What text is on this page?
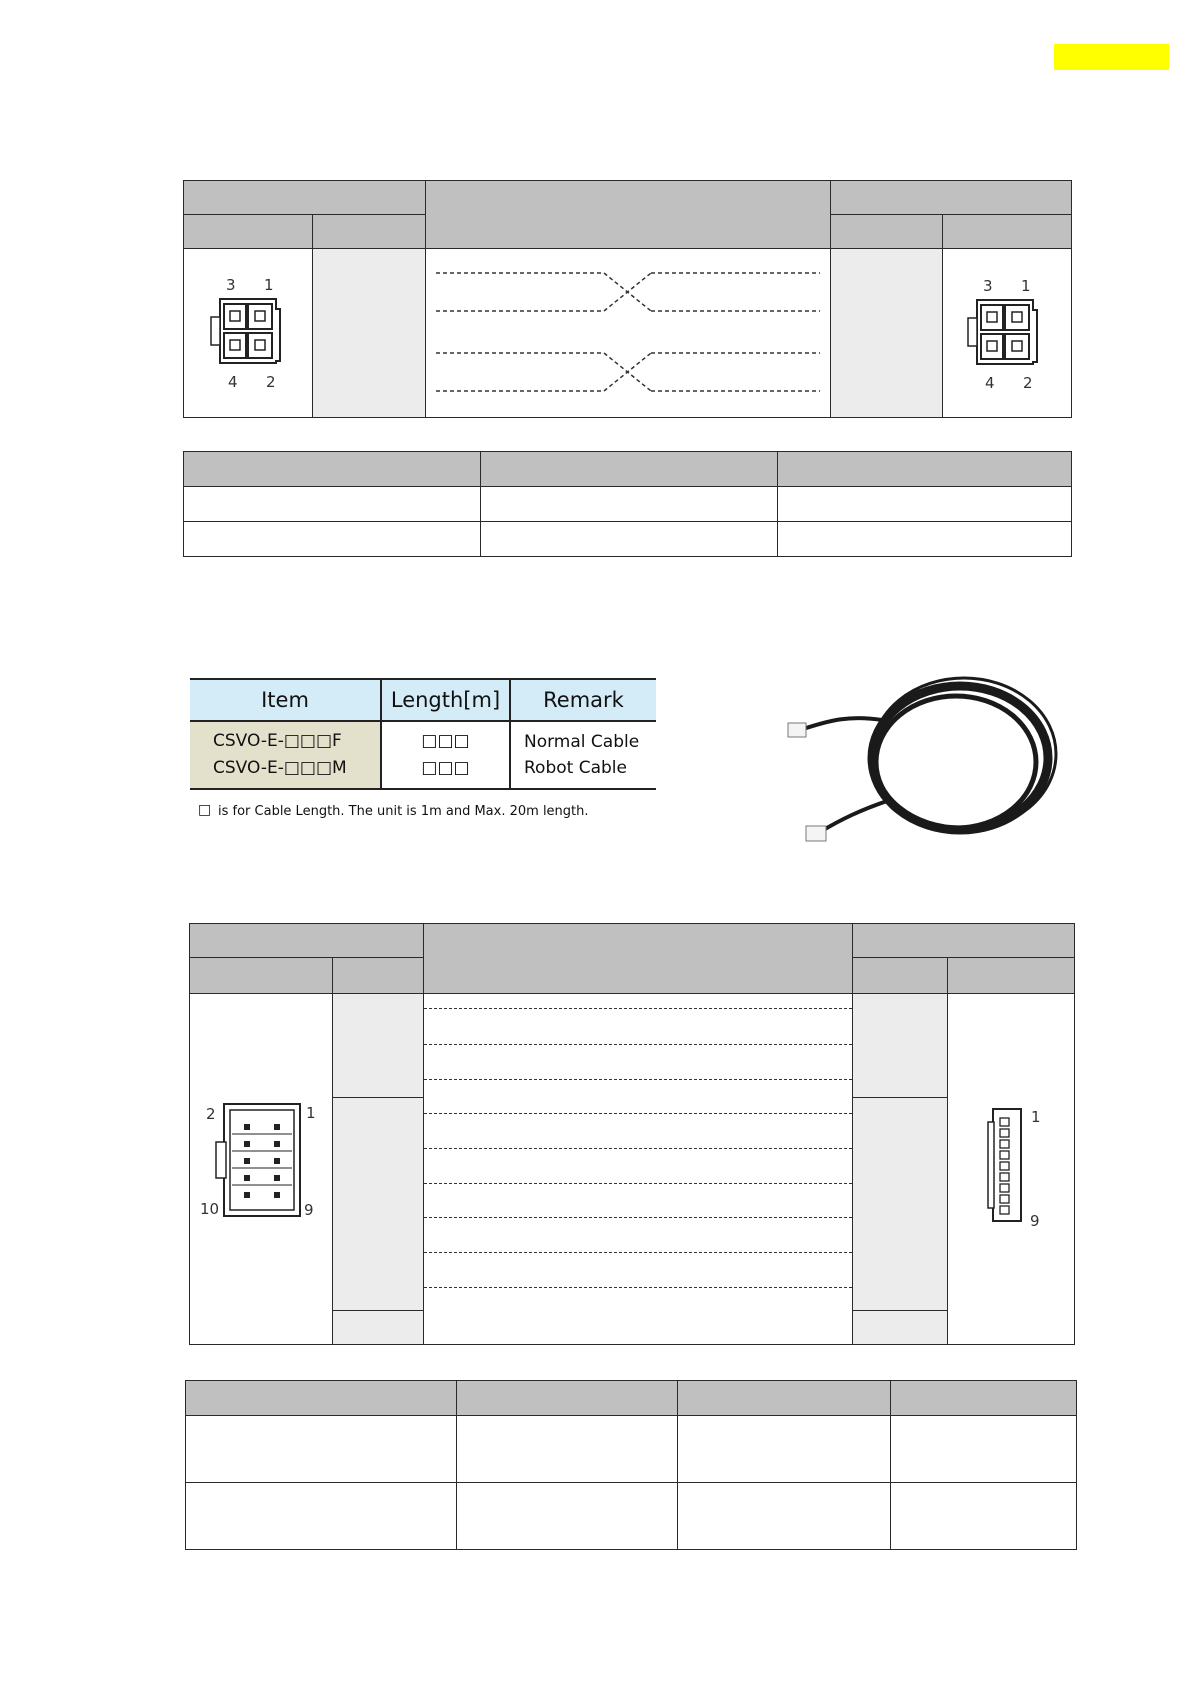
3 1
4 2
3 1
4 2
Item	Length[m]	Remark
CSVO-E-□□□F	□□□	Normal Cable
CSVO-E-□□□M	□□□	Robot Cable
□ is for Cable Length. The unit is 1m and Max. 20m length.
2	1
10	9
1
9
